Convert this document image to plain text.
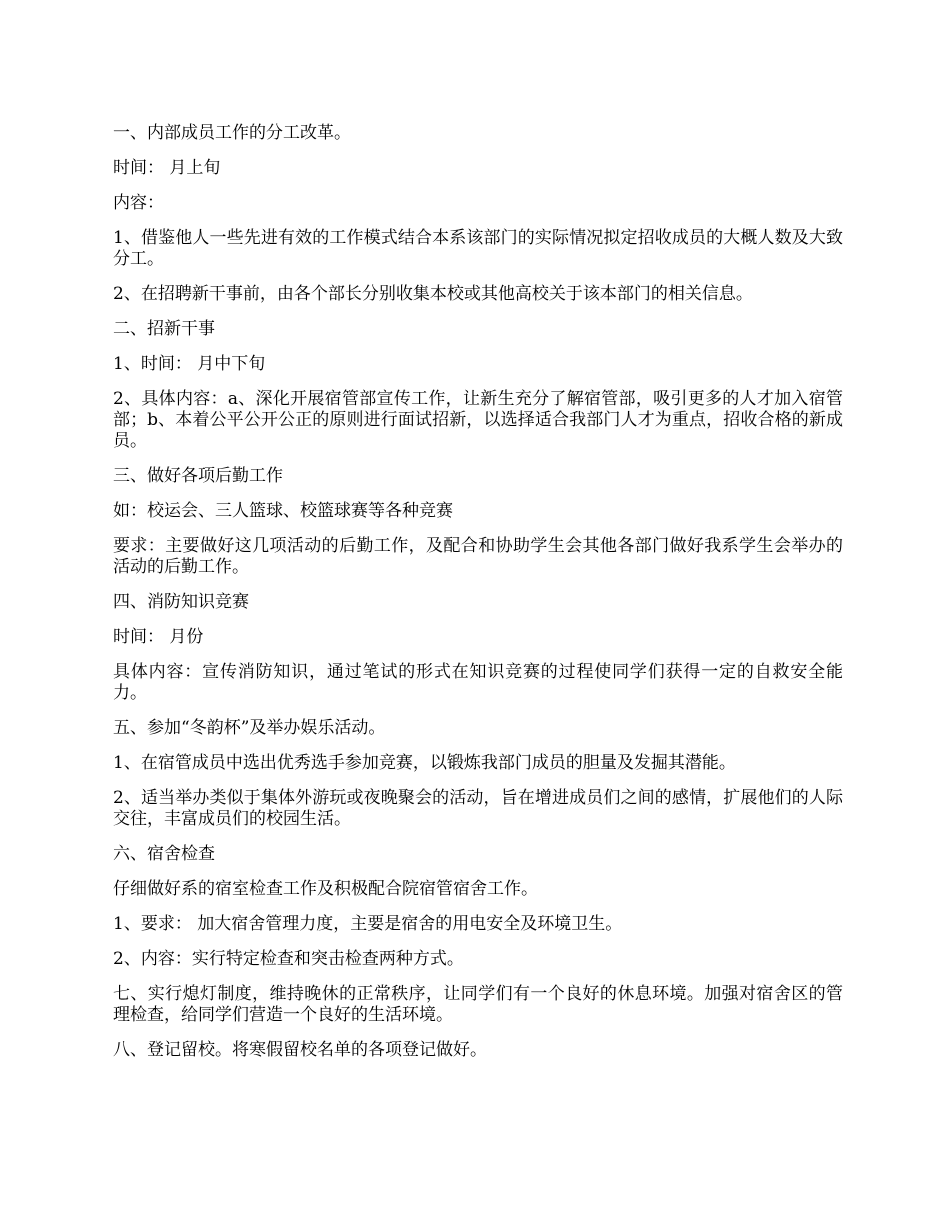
一、内部成员工作的分工改革。

时间： 月上旬

内容：

1、借鉴他人一些先进有效的工作模式结合本系该部门的实际情况拟定招收成员的大概人数及大致分工。

2、在招聘新干事前，由各个部长分别收集本校或其他高校关于该本部门的相关信息。

二、招新干事

1、时间： 月中下旬

2、具体内容：a、深化开展宿管部宣传工作，让新生充分了解宿管部，吸引更多的人才加入宿管部；b、本着公平公开公正的原则进行面试招新，以选择适合我部门人才为重点，招收合格的新成员。

三、做好各项后勤工作

如：校运会、三人篮球、校篮球赛等各种竞赛

要求：主要做好这几项活动的后勤工作，及配合和协助学生会其他各部门做好我系学生会举办的活动的后勤工作。

四、消防知识竞赛

时间： 月份

具体内容：宣传消防知识，通过笔试的形式在知识竞赛的过程使同学们获得一定的自救安全能力。

五、参加“冬韵杯”及举办娱乐活动。

1、在宿管成员中选出优秀选手参加竞赛，以锻炼我部门成员的胆量及发掘其潜能。

2、适当举办类似于集体外游玩或夜晚聚会的活动，旨在增进成员们之间的感情，扩展他们的人际交往，丰富成员们的校园生活。

六、宿舍检查

仔细做好系的宿室检查工作及积极配合院宿管宿舍工作。

1、要求： 加大宿舍管理力度，主要是宿舍的用电安全及环境卫生。

2、内容：实行特定检查和突击检查两种方式。

七、实行熄灯制度，维持晚休的正常秩序，让同学们有一个良好的休息环境。加强对宿舍区的管理检查，给同学们营造一个良好的生活环境。

八、登记留校。将寒假留校名单的各项登记做好。
